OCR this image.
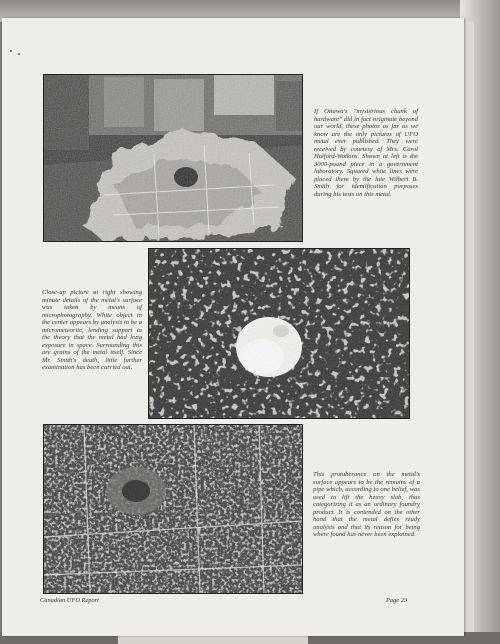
If Ottawa's "mysterious chunk of hardware" did in fact originate beyond our world, these photos as far as we know are the only pictures of UFO metal ever published. They were received by courtesy of Mrs. Carol Halford-Watkins. Shown at left is the 3000-pound piece in a government laboratory. Squared white lines were placed there by the late Wilbert B. Smith for identification purposes during his tests on this metal.

Close-up picture at right showing minute details of the metal's surface was taken by means of microphotography. White object in the center appears by analysis to be a micrometeorite, lending support to the theory that the metal had long exposure in space. Surrounding this are grains of the metal itself. Since Mr. Smith's death, little further examination has been carried out.

This protuberance on the metal's surface appears to be the remains of a pipe which, according to one belief, was used to lift the heavy slab, thus categorizing it as an ordinary foundry product. It is contended on the other hand that the metal defies ready analysis and that its reason for being where found has never been explained.

Canadian UFO Report	Page 23
